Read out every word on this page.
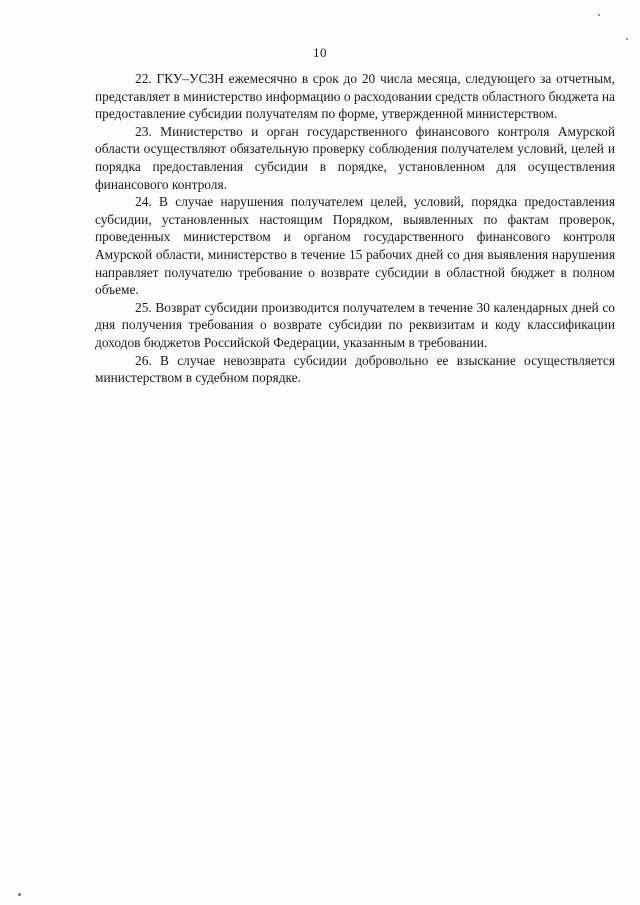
10

22. ГКУ–УСЗН ежемесячно в срок до 20 числа месяца, следующего за отчетным, представляет в министерство информацию о расходовании средств областного бюджета на предоставление субсидии получателям по форме, утвержденной министерством.

23. Министерство и орган государственного финансового контроля Амурской области осуществляют обязательную проверку соблюдения получателем условий, целей и порядка предоставления субсидии в порядке, установленном для осуществления финансового контроля.

24. В случае нарушения получателем целей, условий, порядка предоставления субсидии, установленных настоящим Порядком, выявленных по фактам проверок, проведенных министерством и органом государственного финансового контроля Амурской области, министерство в течение 15 рабочих дней со дня выявления нарушения направляет получателю требование о возврате субсидии в областной бюджет в полном объеме.

25. Возврат субсидии производится получателем в течение 30 календарных дней со дня получения требования о возврате субсидии по реквизитам и коду классификации доходов бюджетов Российской Федерации, указанным в требовании.

26. В случае невозврата субсидии добровольно ее взыскание осуществляется министерством в судебном порядке.
